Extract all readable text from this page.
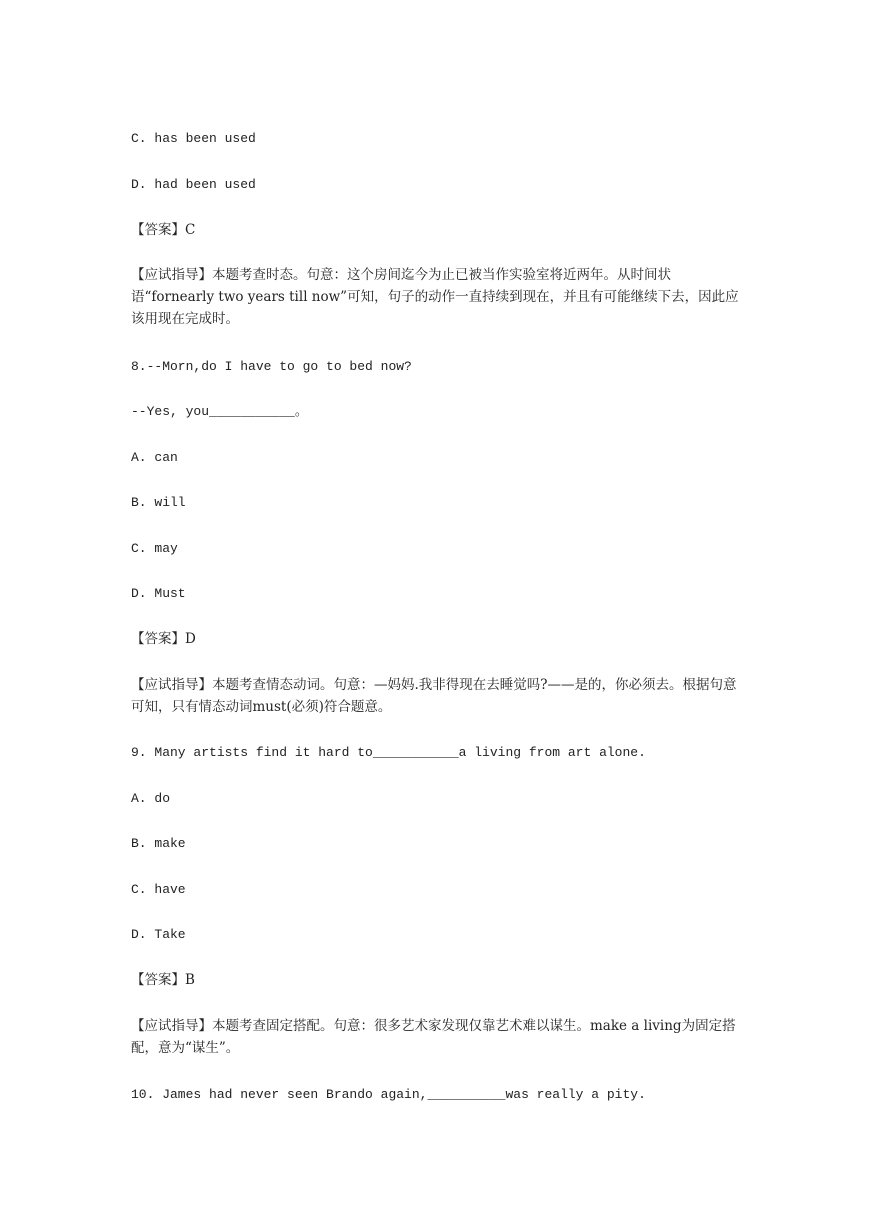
C. has been used
D. had been used
【答案】C
【应试指导】本题考查时态。句意：这个房间迄今为止已被当作实验室将近两年。从时间状语“fornearly two years till now”可知，句子的动作一直持续到现在，并且有可能继续下去，因此应该用现在完成时。
8.--Morn,do I have to go to bed now?
--Yes, you___________。
A. can
B. will
C. may
D. Must
【答案】D
【应试指导】本题考查情态动词。句意：—妈妈.我非得现在去睡觉吗?——是的，你必须去。根据句意可知，只有情态动词must(必须)符合题意。
9. Many artists find it hard to___________a living from art alone.
A. do
B. make
C. have
D. Take
【答案】B
【应试指导】本题考查固定搭配。句意：很多艺术家发现仅靠艺术难以谋生。make a living为固定搭配，意为“谋生”。
10. James had never seen Brando again,__________was really a pity.
